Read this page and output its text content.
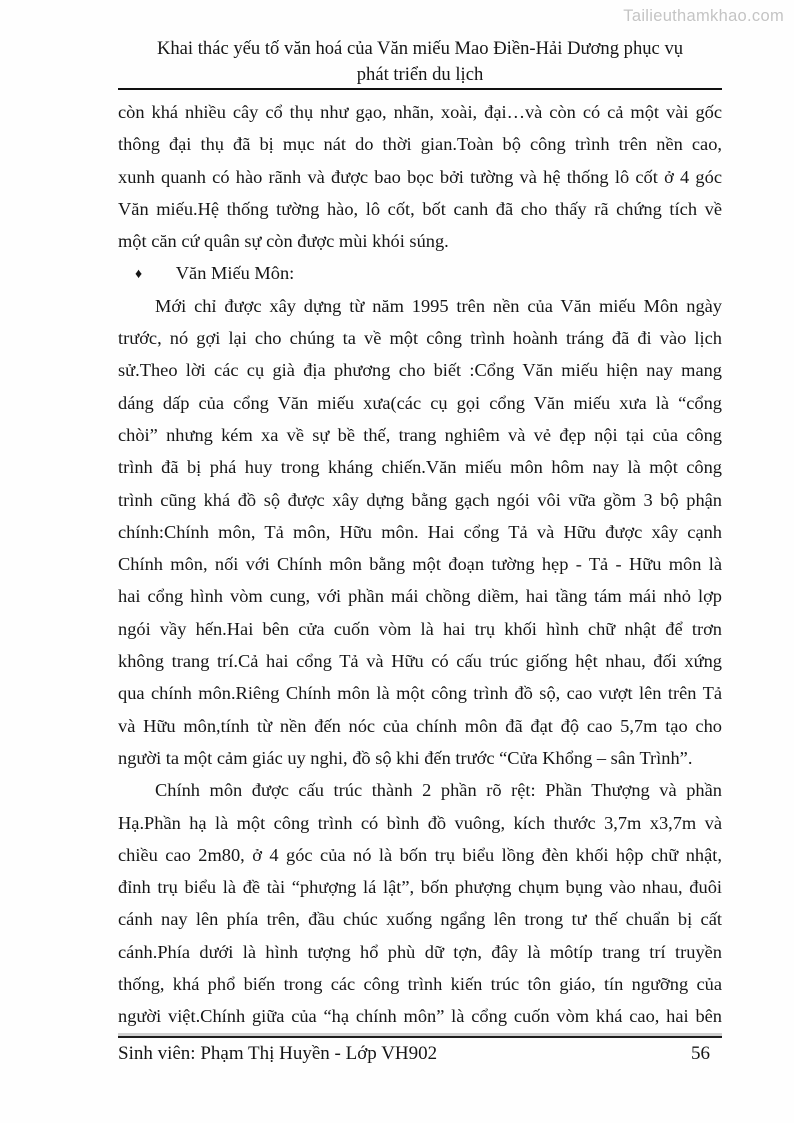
Tailieuthamkhao.com
Khai thác yếu tố văn hoá của Văn miếu Mao Điền-Hải Dương phục vụ
phát triển du lịch
còn khá nhiều cây cổ thụ như gạo, nhãn, xoài, đại…và còn có cả một vài gốc
thông đại thụ đã bị mục nát do thời gian.Toàn bộ công trình trên nền cao,
xunh quanh có hào rãnh và được bao bọc bởi tường và hệ thống lô cốt ở 4 góc
Văn miếu.Hệ thống tường hào, lô cốt, bốt canh đã cho thấy rã chứng tích về
một căn cứ quân sự còn được mùi khói súng.
♦ Văn Miếu Môn:
Mới chỉ được xây dựng từ năm 1995 trên nền của Văn miếu Môn ngày
trước, nó gợi lại cho chúng ta về một công trình hoành tráng đã đi vào lịch
sử.Theo lời các cụ già địa phương cho biết :Cổng Văn miếu hiện nay mang
dáng dấp của cổng Văn miếu xưa(các cụ gọi cổng Văn miếu xưa là “cổng
chòi” nhưng kém xa về sự bề thế, trang nghiêm và vẻ đẹp nội tại của công
trình đã bị phá huy trong kháng chiến.Văn miếu môn hôm nay là một công
trình cũng khá đồ sộ được xây dựng bằng gạch ngói vôi vữa gồm 3 bộ phận
chính:Chính môn, Tả môn, Hữu môn. Hai cổng Tả và Hữu được xây cạnh
Chính môn, nối với Chính môn bằng một đoạn tường hẹp - Tả - Hữu môn là
hai cổng hình vòm cung, với phần mái chồng diềm, hai tầng tám mái nhỏ lợp
ngói vầy hến.Hai bên cửa cuốn vòm là hai trụ khối hình chữ nhật để trơn
không trang trí.Cả hai cổng Tả và Hữu có cấu trúc giống hệt nhau, đối xứng
qua chính môn.Riêng Chính môn là một công trình đồ sộ, cao vượt lên trên Tả
và Hữu môn,tính từ nền đến nóc của chính môn đã đạt độ cao 5,7m tạo cho
người ta một cảm giác uy nghi, đồ sộ khi đến trước “Cửa Khổng – sân Trình”.
Chính môn được cấu trúc thành 2 phần rõ rệt: Phần Thượng và phần
Hạ.Phần hạ là một công trình có bình đồ vuông, kích thước 3,7m x3,7m và
chiều cao 2m80, ở 4 góc của nó là bốn trụ biểu lồng đèn khối hộp chữ nhật,
đỉnh trụ biểu là đề tài “phượng lá lật”, bốn phượng chụm bụng vào nhau, đuôi
cánh nay lên phía trên, đầu chúc xuống ngẩng lên trong tư thế chuẩn bị cất
cánh.Phía dưới là hình tượng hổ phù dữ tợn, đây là môtíp trang trí truyền
thống, khá phổ biến trong các công trình kiến trúc tôn giáo, tín ngưỡng của
người việt.Chính giữa của “hạ chính môn” là cổng cuốn vòm khá cao, hai bên
Sinh viên: Phạm Thị Huyền - Lớp VH902	56
